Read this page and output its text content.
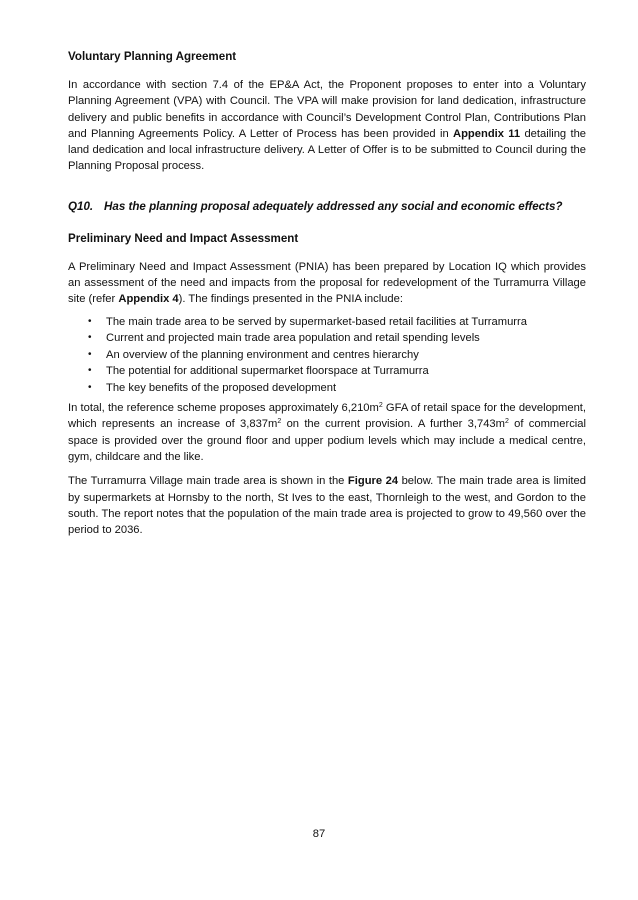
Voluntary Planning Agreement

In accordance with section 7.4 of the EP&A Act, the Proponent proposes to enter into a Voluntary Planning Agreement (VPA) with Council. The VPA will make provision for land dedication, infrastructure delivery and public benefits in accordance with Council’s Development Control Plan, Contributions Plan and Planning Agreements Policy. A Letter of Process has been provided in Appendix 11 detailing the land dedication and local infrastructure delivery. A Letter of Offer is to be submitted to Council during the Planning Proposal process.

Q10. Has the planning proposal adequately addressed any social and economic effects?
Preliminary Need and Impact Assessment

A Preliminary Need and Impact Assessment (PNIA) has been prepared by Location IQ which provides an assessment of the need and impacts from the proposal for redevelopment of the Turramurra Village site (refer Appendix 4). The findings presented in the PNIA include:

•	The main trade area to be served by supermarket-based retail facilities at Turramurra
•	Current and projected main trade area population and retail spending levels
•	An overview of the planning environment and centres hierarchy
•	The potential for additional supermarket floorspace at Turramurra
•	The key benefits of the proposed development

In total, the reference scheme proposes approximately $6,210m^2$ GFA of retail space for the development, which represents an increase of $3,837m^2$ on the current provision. A further $3,743m^2$ of commercial space is provided over the ground floor and upper podium levels which may include a medical centre, gym, childcare and the like.

The Turramurra Village main trade area is shown in the Figure 24 below. The main trade area is limited by supermarkets at Hornsby to the north, St Ives to the east, Thornleigh to the west, and Gordon to the south. The report notes that the population of the main trade area is projected to grow to 49,560 over the period to 2036.

87
